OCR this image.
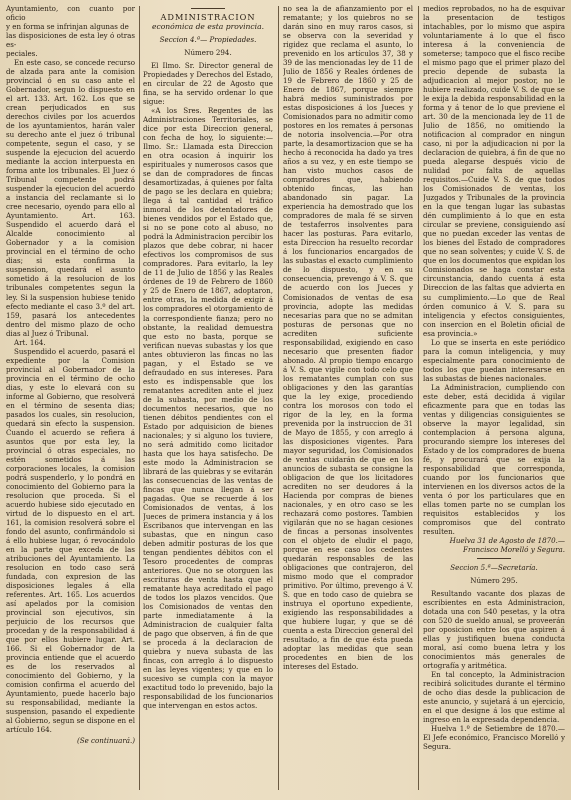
Ayuntamiento, con cuanto por oficio

y en forma se infrinjan algunas de

las disposiciones de esta ley ó otras es-

peciales.

En este caso, se concede recurso de alzada para ante la comision provincial ó en su caso ante el Gobernador, segun lo dispuesto en el art. 133. Art. 162. Los que se crean perjudicados en sus derechos civiles por los acuerdos de los ayuntamientos, harán valer su derecho ante el juez ó tribunal competente, segun el caso, y se suspende la ejecucion del acuerdo mediante la accion interpuesta en forma ante los tribunales. El Juez ó Tribunal competente podrá suspender la ejecucion del acuerdo a instancia del reclamante si lo cree necesario, oyendo para ello al Ayuntamiento. Art. 163. Suspendido el acuerdo dará el Alcalde conocimiento al Gobernador y a la comision provincial en el término de ocho dias; si esta confirma la suspension, quedará el asunto sometido á la resolucion de los tribunales competentes segun la ley. Si la suspension hubiese tenido efecto mediante el caso 3.º del art. 159, pasará los antecedentes dentro del mismo plazo de ocho dias al Juez ó Tribunal.

Art. 164.

Suspendido el acuerdo, pasará el expediente por la Comision provincial al Gobernador de la provincia en el término de ocho dias, y este lo elevará con su informe al Gobierno, que resolverá en el término de sesenta dias; pasados los cuales, sin resolucion, quedará sin efecto la suspension. Cuando el acuerdo se refiera á asuntos que por esta ley, la provincial ó otras especiales, no estén sometidos á las corporaciones locales, la comision podrá suspenderlo, y lo pondrá en conocimiento del Gobierno para la resolucion que proceda. Si el acuerdo hubiese sido ejecutado en virtud de lo dispuesto en el art. 161, la comision resolverá sobre el fondo del asunto, confirmándolo si á ello hubiese lugar, ó revocándolo en la parte que exceda de las atribuciones del Ayuntamiento. La resolucion en todo caso será fundada, con expresion de las disposiciones legales á ella referentes. Art. 165. Los acuerdos así apelados por la comision provincial son ejecutivos, sin perjuicio de los recursos que procedan y de la responsabilidad á que por ellos hubiere lugar. Art. 166. Si el Gobernador de la provincia entiende que el acuerdo es de los reservados al conocimiento del Gobierno, y la comision confirma el acuerdo del Ayuntamiento, puede hacerlo bajo su responsabilidad, mediante la suspension, pasando el expediente al Gobierno, segun se dispone en el artículo 164.

(Se continuará.)

ADMINISTRACION

económica de esta provincia.

Seccion 4.ª— Propiedades.

Número 294.

El Ilmo. Sr. Director general de Propiedades y Derechos del Estado, en circular de 22 de Agosto que fina, se ha servido ordenar lo que sigue:

«A los Sres. Regentes de las Administraciones Territoriales, se dice por esta Direccion general, con fecha de hoy, lo siguiente:—Ilmo. Sr.: Llamada esta Direccion en otra ocasion á inquirir los espirituales y numerosos casos que se dan de compradores de fincas desamortizadas, á quienes por falta de pago se les declara en quiebra; llega á tal cantidad el tráfico inmoral de los detentadores de bienes vendidos por el Estado que, si no se pone coto al abuso, no podrá la Administracion percibir los plazos que debe cobrar, ni hacer efectivos los compromisos de sus compradores. Para evitarlo, la ley de 11 de Julio de 1856 y las Reales órdenes de 19 de Febrero de 1860 y 25 de Enero de 1867, adoptaron, entre otras, la medida de exigir á los compradores el otorgamiento de la correspondiente fianza; pero no obstante, la realidad demuestra que esto no basta, porque se verifican nuevas subastas y los que antes obtuvieron las fincas no las pagan, y el Estado se ve defraudado en sus intereses. Para esto es indispensable que los rematantes acrediten ante el juez de la subasta, por medio de los documentos necesarios, que no tienen débitos pendientes con el Estado por adquisicion de bienes nacionales; y si alguno los tuviere, no será admitido como licitador hasta que los haya satisfecho. De este modo la Administracion se librará de las quiebras y se evitarán las consecuencias de las ventas de fincas que nunca llegan á ser pagadas. Que se recuerde á los Comisionados de ventas, á los Jueces de primera instancia y á los Escribanos que intervengan en las subastas, que en ningun caso deben admitir posturas de los que tengan pendientes débitos con el Tesoro procedentes de compras anteriores. Que no se otorguen las escrituras de venta hasta que el rematante haya acreditado el pago de todos los plazos vencidos. Que los Comisionados de ventas den parte inmediatamente á la Administracion de cualquier falta de pago que observen, á fin de que se proceda á la declaracion de quiebra y nueva subasta de las fincas, con arreglo á lo dispuesto en las leyes vigentes; y que en lo sucesivo se cumpla con la mayor exactitud todo lo prevenido, bajo la responsabilidad de los funcionarios que intervengan en estos actos.

no sea la de afianzamiento por el rematante; y los quiebros no se darán sino en muy raros casos, si se observa con la severidad y rigidez que reclama el asunto, lo prevenido en los artículos 37, 38 y 39 de las mencionadas ley de 11 de Julio de 1856 y Reales órdenes de 19 de Febrero de 1860 y 25 de Enero de 1867, porque siempre habrá medios suministrados por estas disposiciones á los Jueces y Comisionados para no admitir como postores en los remates á personas de notoria insolvencia.—Por otra parte, la desamortizacion que se ha hecho á reconocida ha dado ya tres años a su vez, y en este tiempo se han visto muchos casos de compradores que, habiendo obtenido fincas, las han abandonado sin pagar. La experiencia ha demostrado que los compradores de mala fé se sirven de testaferros insolventes para hacer las posturas. Para evitarlo, esta Direccion ha resuelto recordar á los funcionarios encargados de las subastas el exacto cumplimiento de lo dispuesto, y en su consecuencia, prevengo á V. S. que de acuerdo con los Jueces y Comisionados de ventas de esa provincia, adopte las medidas necesarias para que no se admitan posturas de personas que no acrediten suficiente responsabilidad, exigiendo en caso necesario que presenten fiador abonado. Al propio tiempo encargo á V. S. que vigile con todo celo que los rematantes cumplan con sus obligaciones y den las garantías que la ley exige, procediendo contra los morosos con todo el rigor de la ley, en la forma prevenida por la instruccion de 31 de Mayo de 1855, y con arreglo á las disposiciones vigentes. Para mayor seguridad, los Comisionados de ventas cuidarán de que en los anuncios de subasta se consigne la obligacion de que los licitadores acrediten no ser deudores á la Hacienda por compras de bienes nacionales, y en otro caso se les rechazará como postores. Tambien vigilarán que no se hagan cesiones de fincas a personas insolventes con el objeto de eludir el pago, porque en ese caso los cedentes quedarán responsables de las obligaciones que contrajeron, del mismo modo que el comprador primitivo. Por último, prevengo á V. S. que en todo caso de quiebra se instruya el oportuno expediente, exigiendo las responsabilidades a que hubiere lugar, y que se dé cuenta a esta Direccion general del resultado, a fin de que ésta pueda adoptar las medidas que sean procedentes en bien de los intereses del Estado.

medios reprobados, no ha de esquivar la presentacion de testigos intachables, por lo mismo que aspira voluntariamente á lo que el fisco interesa á la conveniencia de someterse; tampoco que el fisco recibe el mismo pago que el primer plazo del precio depende de subasta la adjudicacion al mejor postor, no le hubiere realizado, cuide V. S. de que se le exija la debida responsabilidad en la forma y á tenor de lo que previene el art. 30 de la mencionada ley de 11 de Julio de 1856, no omitiendo la notificacion al comprador en ningun caso, ni por la adjudicacion ni por la declaracion de quiebra, á fin de que no pueda alegarse después vicio de nulidad por falta de aquellas requisitos.—Cuide V. S. de que todos los Comisionados de ventas, los Juzgados y Tribunales de la provincia en la que tengan lugar las subastas dén cumplimiento á lo que en esta circular se previene, consiguiendo así que no puedan exceder las ventas de los bienes del Estado de compradores que no sean solventes; y cuide V. S. de que en los documentos que expidan los Comisionados se haga constar esta circunstancia, dando cuenta á esta Direccion de las faltas que advierta en su cumplimiento.—Lo que de Real órden comunico á V. S. para su inteligencia y efectos consiguientes, con insercion en el Boletin oficial de esa provincia.»

Lo que se inserta en este periódico para la comun inteligencia, y muy especialmente para conocimiento de todos los que puedan interesarse en las subastas de bienes nacionales.

La Administracion, cumpliendo con este deber, está decidida á vigilar eficazmente para que en todas las ventas y diligencias consiguientes se observe la mayor legalidad, sin contemplacion á persona alguna, procurando siempre los intereses del Estado y de los compradores de buena fé, y procurará que se exija la responsabilidad que corresponda, cuando por los funcionarios que intervienen en los diversos actos de la venta ó por los particulares que en ellas tomen parte no se cumplan los requisitos establecidos y los compromisos que del contrato resulten.

Huelva 31 de Agosto de 1870.—

Francisco Morelló y Segura.

Seccion 5.ª—Secretaría.

Número 295.

Resultando vacante dos plazas de escribientes en esta Administracion, dotada una con 540 pesetas, y la otra con 520 de sueldo anual, se proveerán por oposicion entre los que aspiren á ellas y justifiquen buena conducta moral, así como buena letra y los conocimientos más generales de ortografía y aritmética.

En tal concepto, la Administracion recibirá solicitudes durante el término de ocho dias desde la publicacion de este anuncio, y sujetará á un ejercicio, en el que designe á los que estime al ingreso en la expresada dependencia.

Huelva 1.º de Setiembre de 1870.—El Jefe económico, Francisco Morelló y Segura.
